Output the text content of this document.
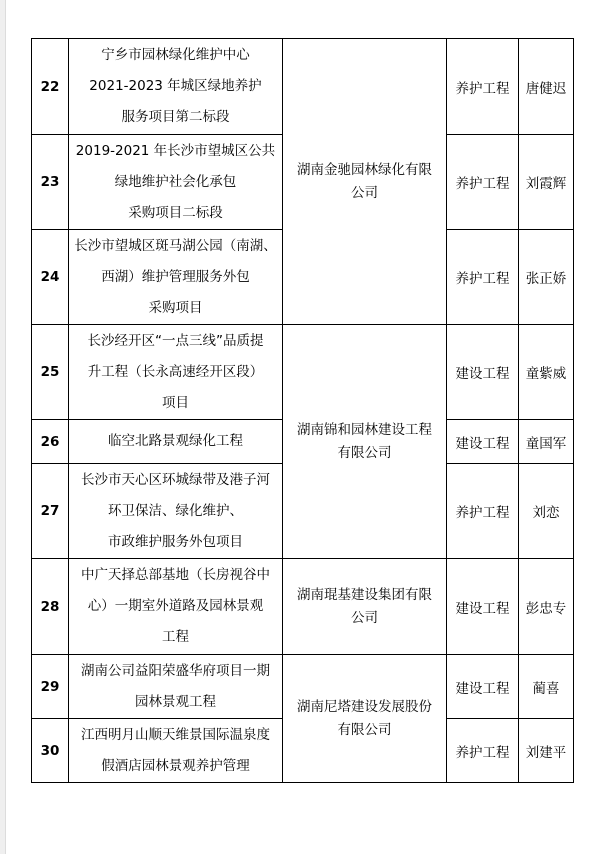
22	宁乡市园林绿化维护中心
2021-2023 年城区绿地养护
服务项目第二标段	湖南金驰园林绿化有限
公司	养护工程	唐健迟
23	2019-2021 年长沙市望城区公共
绿地维护社会化承包
采购项目二标段		养护工程	刘霞辉
24	长沙市望城区斑马湖公园（南湖、
西湖）维护管理服务外包
采购项目		养护工程	张正娇
25	长沙经开区“一点三线”品质提
升工程（长永高速经开区段）
项目	湖南锦和园林建设工程
有限公司	建设工程	童紫威
26	临空北路景观绿化工程		建设工程	童国军
27	长沙市天心区环城绿带及港子河
环卫保洁、绿化维护、
市政维护服务外包项目		养护工程	刘恋
28	中广天择总部基地（长房视谷中
心）一期室外道路及园林景观
工程	湖南琨基建设集团有限
公司	建设工程	彭忠专
29	湖南公司益阳荣盛华府项目一期
园林景观工程	湖南尼塔建设发展股份
有限公司	建设工程	蔺喜
30	江西明月山顺天维景国际温泉度
假酒店园林景观养护管理		养护工程	刘建平
